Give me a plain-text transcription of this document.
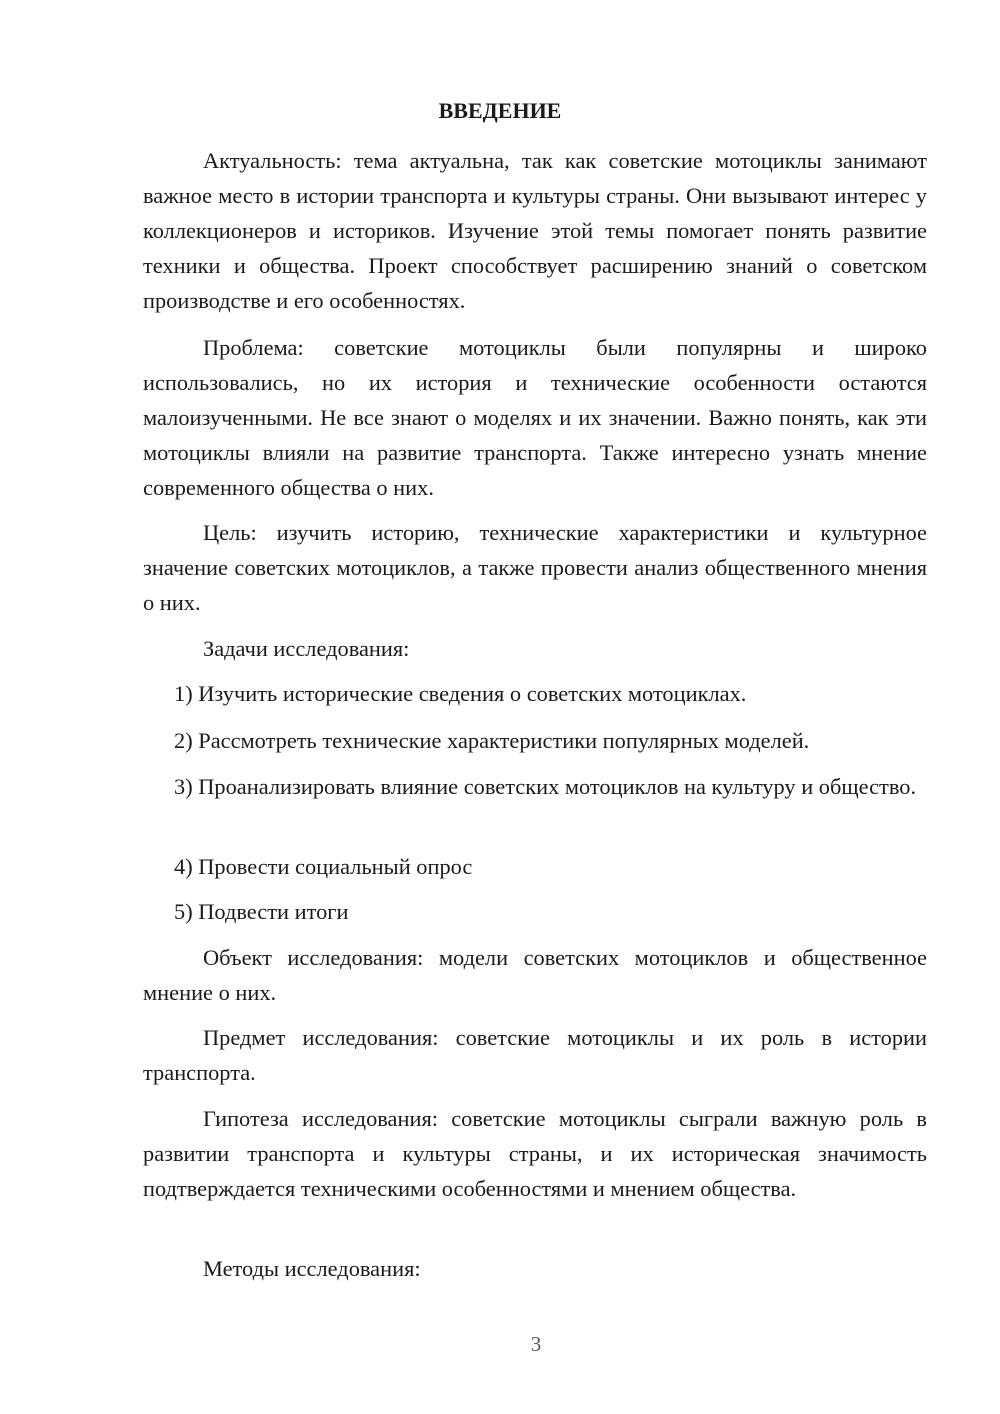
ВВЕДЕНИЕ

Актуальность: тема актуальна, так как советские мотоциклы занимают важное место в истории транспорта и культуры страны. Они вызывают интерес у коллекционеров и историков. Изучение этой темы помогает понять развитие техники и общества. Проект способствует расширению знаний о советском производстве и его особенностях.

Проблема: советские мотоциклы были популярны и широко использовались, но их история и технические особенности остаются малоизученными. Не все знают о моделях и их значении. Важно понять, как эти мотоциклы влияли на развитие транспорта. Также интересно узнать мнение современного общества о них.

Цель: изучить историю, технические характеристики и культурное значение советских мотоциклов, а также провести анализ общественного мнения о них.

Задачи исследования:

1) Изучить исторические сведения о советских мотоциклах.

2) Рассмотреть технические характеристики популярных моделей.

3) Проанализировать влияние советских мотоциклов на культуру и общество.

4) Провести социальный опрос

5) Подвести итоги

Объект исследования: модели советских мотоциклов и общественное мнение о них.

Предмет исследования: советские мотоциклы и их роль в истории транспорта.

Гипотеза исследования: советские мотоциклы сыграли важную роль в развитии транспорта и культуры страны, и их историческая значимость подтверждается техническими особенностями и мнением общества.

Методы исследования:

3
